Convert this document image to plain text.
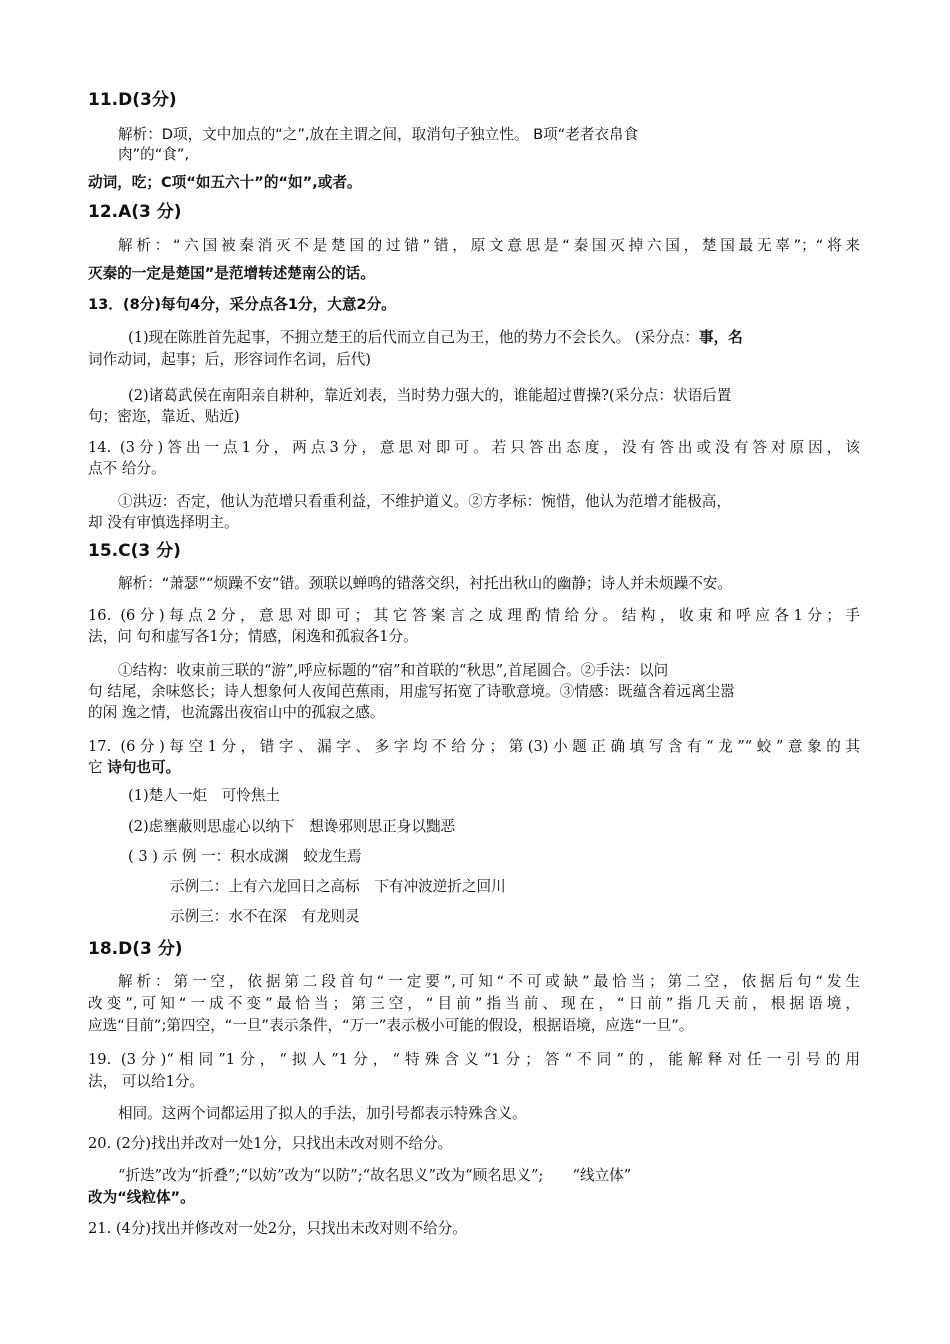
11.D(3分)
解析：D项，文中加点的“之”,放在主谓之间，取消句子独立性。 B项“老者衣帛食
肉”的“食”,
动词，吃；C项“如五六十”的“如”,或者。
12.A(3 分)
解析：“六国被秦消灭不是楚国的过错”错，原文意思是“秦国灭掉六国，楚国最无辜”；“将来
灭秦的一定是楚国”是范增转述楚南公的话。
13．(8分)每句4分，采分点各1分，大意2分。
(1)现在陈胜首先起事，不拥立楚王的后代而立自己为王，他的势力不会长久。 (采分点：事，名
词作动词，起事；后，形容词作名词，后代)
(2)诸葛武侯在南阳亲自耕种，靠近刘表，当时势力强大的，谁能超过曹操?(采分点：状语后置
句；密迩，靠近、贴近)
14. (3分)答出一点1分，两点3分，意思对即可。若只答出态度，没有答出或没有答对原因，该
点不 给分。
①洪迈：否定，他认为范增只看重利益，不维护道义。②方孝标：惋惜，他认为范增才能极高，
却 没有审慎选择明主。
15.C(3 分)
解析：“萧瑟”“烦躁不安”错。颈联以蝉鸣的错落交织，衬托出秋山的幽静；诗人并未烦躁不安。
16. (6分)每点2分，意思对即可；其它答案言之成理酌情给分。结构，收束和呼应各1分；手
法，问 句和虚写各1分；情感，闲逸和孤寂各1分。
①结构：收束前三联的“游”,呼应标题的“宿”和首联的“秋思”,首尾圆合。②手法：以问
句 结尾，余味悠长；诗人想象何人夜闻芭蕉雨，用虚写拓宽了诗歌意境。③情感：既蕴含着远离尘嚣
的闲 逸之情，也流露出夜宿山中的孤寂之感。
17. (6分)每空1分，错字、漏字、多字均不给分；第(3)小题正确填写含有“龙”“蛟”意象的其
它 诗句也可。
(1)楚人一炬　可怜焦土
(2)虑壅蔽则思虚心以纳下　想谗邪则思正身以黜恶
( 3 ) 示 例 一：积水成渊　蛟龙生焉
示例二：上有六龙回日之高标　下有冲波逆折之回川
示例三：水不在深　有龙则灵
18.D(3 分)
解析：第一空，依据第二段首句“一定要”,可知“不可或缺”最恰当；第二空，依据后句“发生
改变”,可知“一成不变”最恰当；第三空，“目前”指当前、现在，“日前”指几天前，根据语境，
应选“目前”;第四空，“一旦”表示条件，“万一”表示极小可能的假设，根据语境，应选“一旦”。
19. (3分)“相同”1分，“拟人”1分，“特殊含义”1分；答“不同”的，能解释对任一引号的用
法， 可以给1分。
相同。这两个词都运用了拟人的手法，加引号都表示特殊含义。
20. (2分)找出并改对一处1分，只找出未改对则不给分。
“折迭”改为“折叠”;“以妨”改为“以防”;“故名思义”改为“顾名思义”;　　“线立体”
改为“线粒体”。
21. (4分)找出并修改对一处2分，只找出未改对则不给分。
